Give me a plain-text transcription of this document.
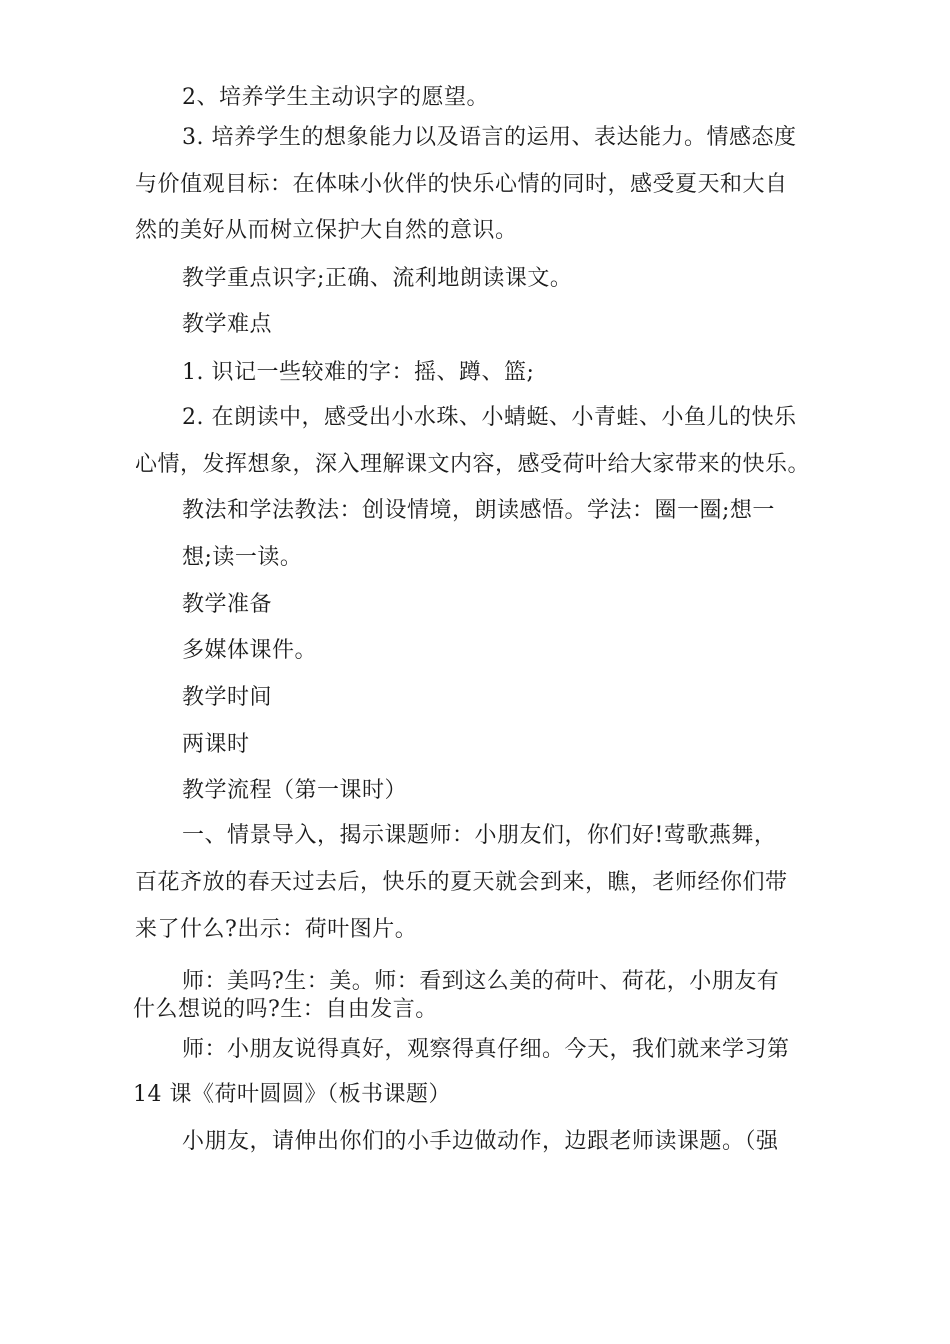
2、培养学生主动识字的愿望。
3. 培养学生的想象能力以及语言的运用、表达能力。情感态度
与价值观目标：在体味小伙伴的快乐心情的同时，感受夏天和大自
然的美好从而树立保护大自然的意识。
教学重点识字;正确、流利地朗读课文。
教学难点
1. 识记一些较难的字：摇、蹲、篮;
2. 在朗读中，感受出小水珠、小蜻蜓、小青蛙、小鱼儿的快乐
心情，发挥想象，深入理解课文内容，感受荷叶给大家带来的快乐。
教法和学法教法：创设情境，朗读感悟。学法：圈一圈;想一
想;读一读。
教学准备
多媒体课件。
教学时间
两课时
教学流程（第一课时）
一、情景导入，揭示课题师：小朋友们，你们好!莺歌燕舞，
百花齐放的春天过去后，快乐的夏天就会到来，瞧，老师经你们带
来了什么?出示：荷叶图片。
师：美吗?生：美。师：看到这么美的荷叶、荷花，小朋友有
什么想说的吗?生：自由发言。
师：小朋友说得真好，观察得真仔细。今天，我们就来学习第
14 课《荷叶圆圆》（板书课题）
小朋友，请伸出你们的小手边做动作，边跟老师读课题。（强
